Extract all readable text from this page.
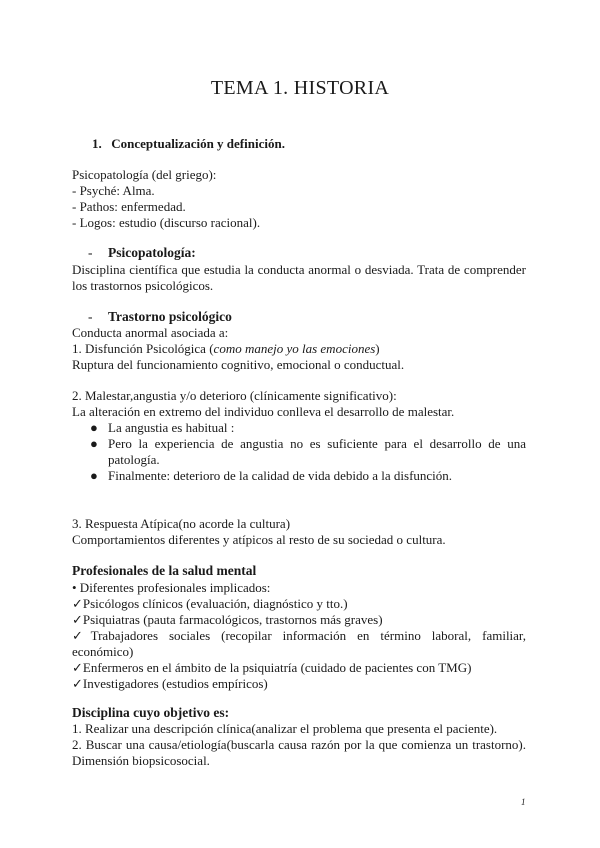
TEMA 1. HISTORIA
1. Conceptualización y definición.
Psicopatología (del griego):
- Psyché: Alma.
- Pathos: enfermedad.
- Logos: estudio (discurso racional).
- Psicopatología:
Disciplina científica que estudia la conducta anormal o desviada. Trata de comprender los trastornos psicológicos.
- Trastorno psicológico
Conducta anormal asociada a:
1. Disfunción Psicológica (como manejo yo las emociones)
Ruptura del funcionamiento cognitivo, emocional o conductual.
2. Malestar,angustia y/o deterioro (clínicamente significativo):
La alteración en extremo del individuo conlleva el desarrollo de malestar.
● La angustia es habitual :
● Pero la experiencia de angustia no es suficiente para el desarrollo de una patología.
● Finalmente: deterioro de la calidad de vida debido a la disfunción.
3. Respuesta Atípica(no acorde la cultura)
Comportamientos diferentes y atípicos al resto de su sociedad o cultura.
Profesionales de la salud mental
• Diferentes profesionales implicados:
✓Psicólogos clínicos (evaluación, diagnóstico y tto.)
✓Psiquiatras (pauta farmacológicos, trastornos más graves)
✓Trabajadores sociales (recopilar información en término laboral, familiar, económico)
✓Enfermeros en el ámbito de la psiquiatría (cuidado de pacientes con TMG)
✓Investigadores (estudios empíricos)
Disciplina cuyo objetivo es:
1. Realizar una descripción clínica(analizar el problema que presenta el paciente).
2. Buscar una causa/etiología(buscarla causa razón por la que comienza un trastorno). Dimensión biopsicosocial.
1
